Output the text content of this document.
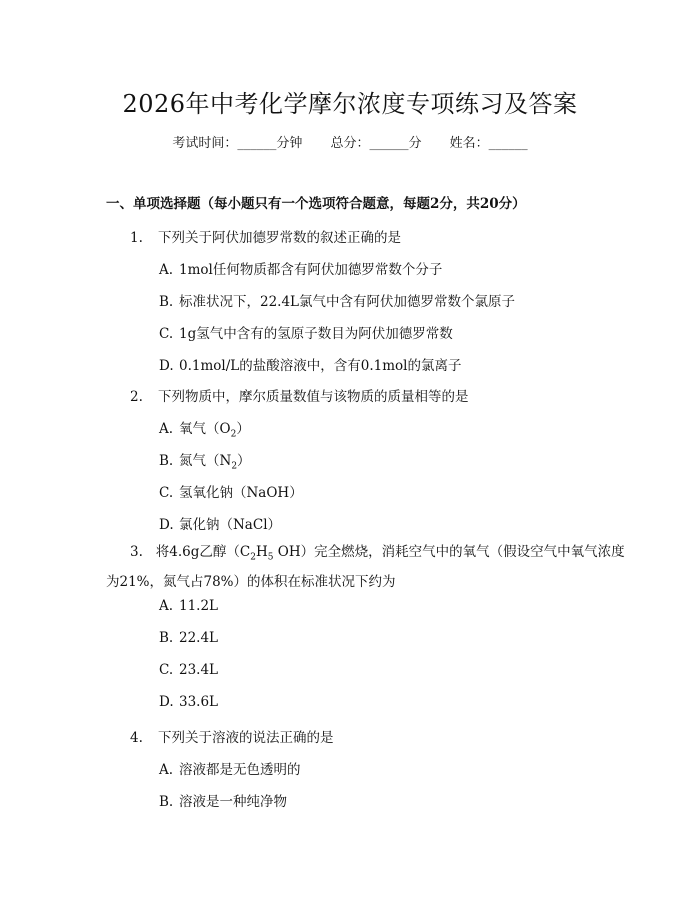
2026年中考化学摩尔浓度专项练习及答案
考试时间：______分钟 总分：______分 姓名：______
一、单项选择题（每小题只有一个选项符合题意，每题2分，共20分）
1. 下列关于阿伏加德罗常数的叙述正确的是
A. 1mol任何物质都含有阿伏加德罗常数个分子
B. 标准状况下，22.4L氯气中含有阿伏加德罗常数个氯原子
C. 1g氢气中含有的氢原子数目为阿伏加德罗常数
D. 0.1mol/L的盐酸溶液中，含有0.1mol的氯离子
2. 下列物质中，摩尔质量数值与该物质的质量相等的是
A. 氧气$(O_2)$
B. 氮气$(N_2)$
C. 氢氧化钠（NaOH）
D. 氯化钠（NaCl）
3. 将4.6g乙醇（$C_2H_5$ OH）完全燃烧，消耗空气中的氧气（假设空气中氧气浓度为21%，氮气占78%）的体积在标准状况下约为
A. 11.2L
B. 22.4L
C. 23.4L
D. 33.6L
4. 下列关于溶液的说法正确的是
A. 溶液都是无色透明的
B. 溶液是一种纯净物
